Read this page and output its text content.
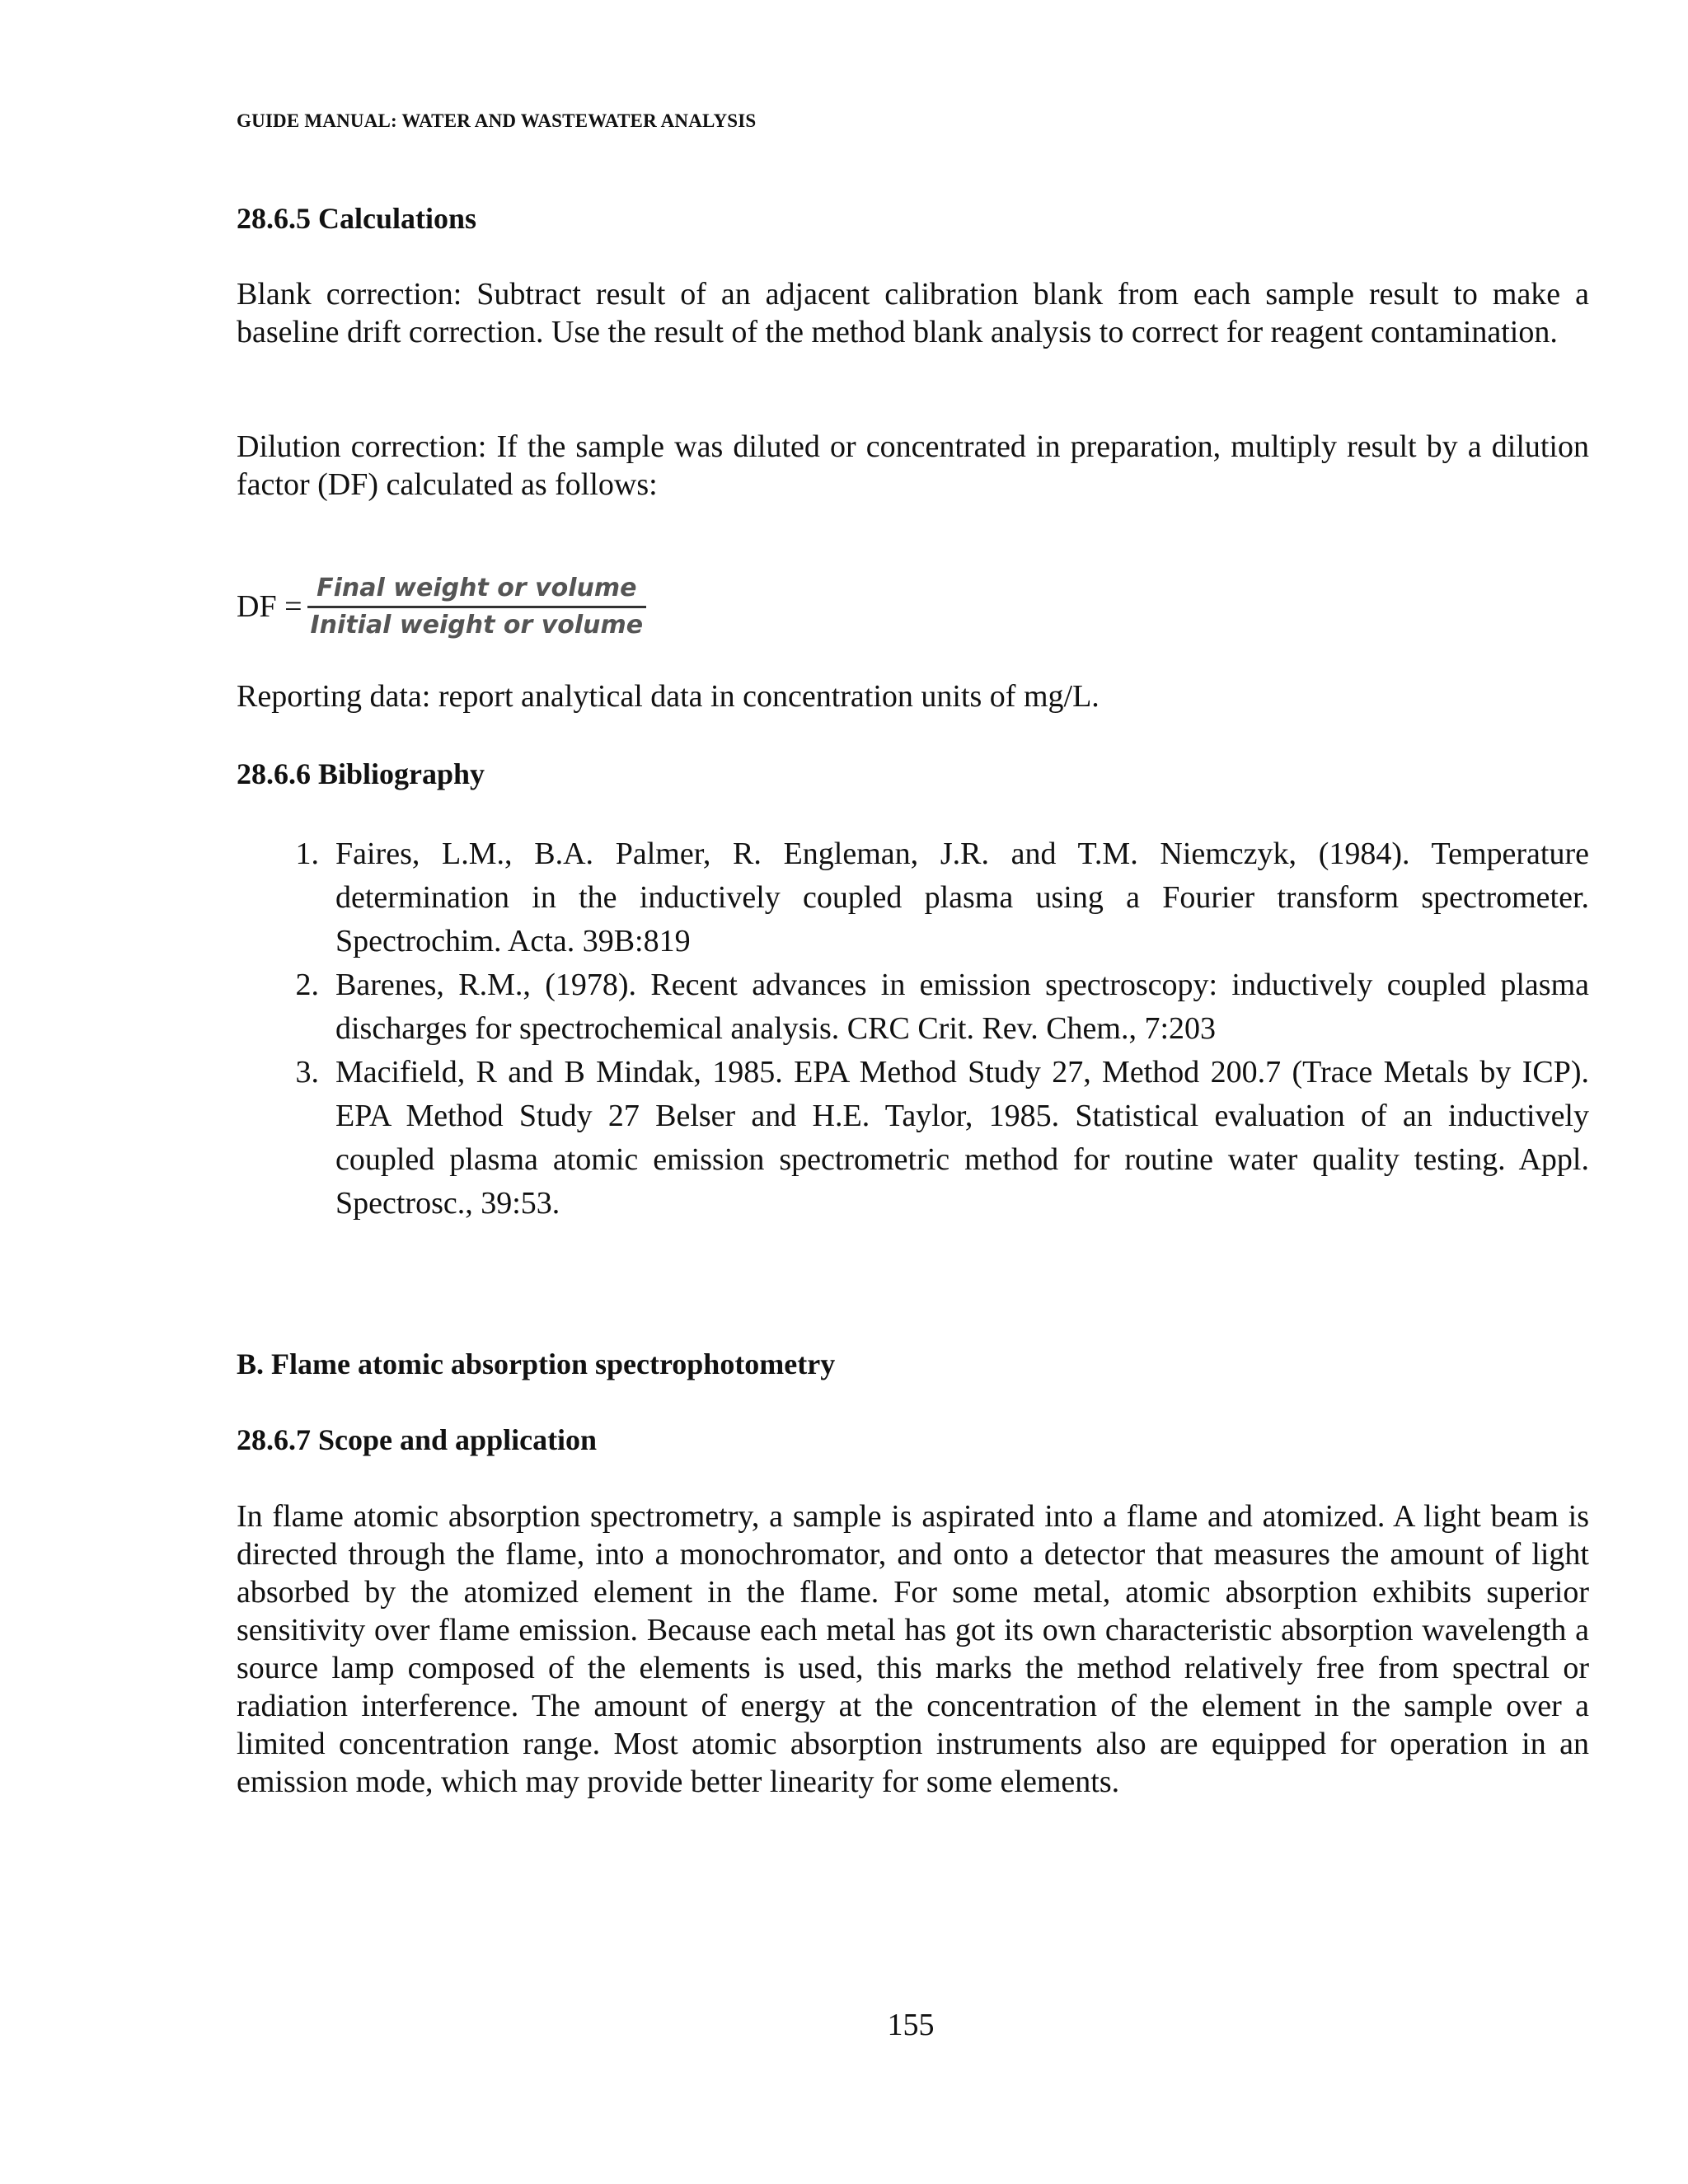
GUIDE MANUAL: WATER AND WASTEWATER ANALYSIS
28.6.5 Calculations

Blank correction: Subtract result of an adjacent calibration blank from each sample result to make a baseline drift correction. Use the result of the method blank analysis to correct for reagent contamination.

Dilution correction: If the sample was diluted or concentrated in preparation, multiply result by a dilution factor (DF) calculated as follows:

DF = $\frac{\text{Final weight or volume}}{\text{Initial weight or volume}}$

Reporting data: report analytical data in concentration units of mg/L.

28.6.6 Bibliography
1. Faires, L.M., B.A. Palmer, R. Engleman, J.R. and T.M. Niemczyk, (1984). Temperature determination in the inductively coupled plasma using a Fourier transform spectrometer. Spectrochim. Acta. 39B:819
2. Barenes, R.M., (1978). Recent advances in emission spectroscopy: inductively coupled plasma discharges for spectrochemical analysis. CRC Crit. Rev. Chem., 7:203
3. Macifield, R and B Mindak, 1985. EPA Method Study 27, Method 200.7 (Trace Metals by ICP). EPA Method Study 27 Belser and H.E. Taylor, 1985. Statistical evaluation of an inductively coupled plasma atomic emission spectrometric method for routine water quality testing. Appl. Spectrosc., 39:53.
B. Flame atomic absorption spectrophotometry
28.6.7 Scope and application

In flame atomic absorption spectrometry, a sample is aspirated into a flame and atomized. A light beam is directed through the flame, into a monochromator, and onto a detector that measures the amount of light absorbed by the atomized element in the flame. For some metal, atomic absorption exhibits superior sensitivity over flame emission. Because each metal has got its own characteristic absorption wavelength a source lamp composed of the elements is used, this marks the method relatively free from spectral or radiation interference. The amount of energy at the concentration of the element in the sample over a limited concentration range. Most atomic absorption instruments also are equipped for operation in an emission mode, which may provide better linearity for some elements.

155
